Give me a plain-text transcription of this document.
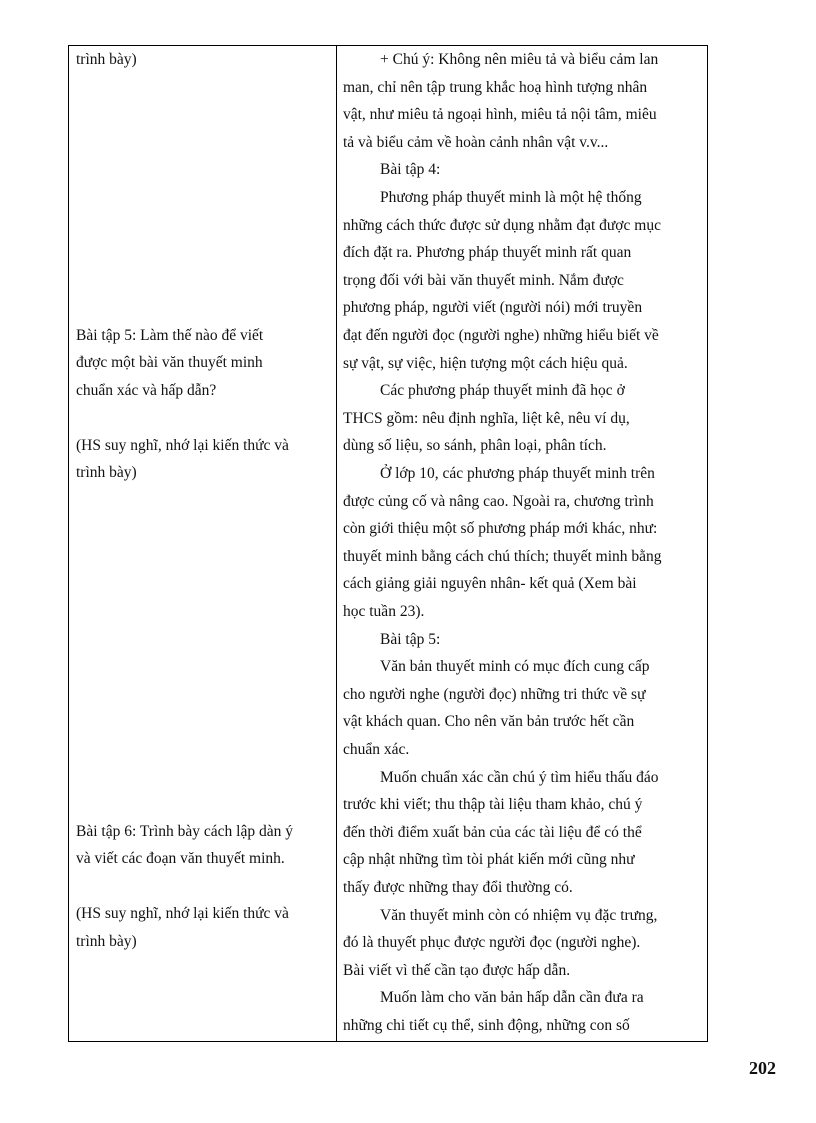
trình bày)
Bài tập 5: Làm thế nào để viết
được một bài văn thuyết minh
chuẩn xác và hấp dẫn?
(HS suy nghĩ, nhớ lại kiến thức và
trình bày)
Bài tập 6: Trình bày cách lập dàn ý
và viết các đoạn văn thuyết minh.
(HS suy nghĩ, nhớ lại kiến thức và
trình bày)
+ Chú ý: Không nên miêu tả và biểu cảm lan
man, chỉ nên tập trung khắc hoạ hình tượng nhân
vật, như miêu tả ngoại hình, miêu tả nội tâm, miêu
tả và biểu cảm về hoàn cảnh nhân vật v.v...
Bài tập 4:
Phương pháp thuyết minh là một hệ thống
những cách thức được sử dụng nhằm đạt được mục
đích đặt ra. Phương pháp thuyết minh rất quan
trọng đối với bài văn thuyết minh. Nắm được
phương pháp, người viết (người nói) mới truyền
đạt đến người đọc (người nghe) những hiểu biết về
sự vật, sự việc, hiện tượng một cách hiệu quả.
Các phương pháp thuyết minh đã học ở
THCS gồm: nêu định nghĩa, liệt kê, nêu ví dụ,
dùng số liệu, so sánh, phân loại, phân tích.
Ở lớp 10, các phương pháp thuyết minh trên
được củng cố và nâng cao. Ngoài ra, chương trình
còn giới thiệu một số phương pháp mới khác, như:
thuyết minh bằng cách chú thích; thuyết minh bằng
cách giảng giải nguyên nhân- kết quả (Xem bài
học tuần 23).
Bài tập 5:
Văn bản thuyết minh có mục đích cung cấp
cho người nghe (người đọc) những tri thức về sự
vật khách quan. Cho nên văn bản trước hết cần
chuẩn xác.
Muốn chuẩn xác cần chú ý tìm hiểu thấu đáo
trước khi viết; thu thập tài liệu tham khảo, chú ý
đến thời điểm xuất bản của các tài liệu để có thể
cập nhật những tìm tòi phát kiến mới cũng như
thấy được những thay đổi thường có.
Văn thuyết minh còn có nhiệm vụ đặc trưng,
đó là thuyết phục được người đọc (người nghe).
Bài viết vì thế cần tạo được hấp dẫn.
Muốn làm cho văn bản hấp dẫn cần đưa ra
những chi tiết cụ thể, sinh động, những con số
202
